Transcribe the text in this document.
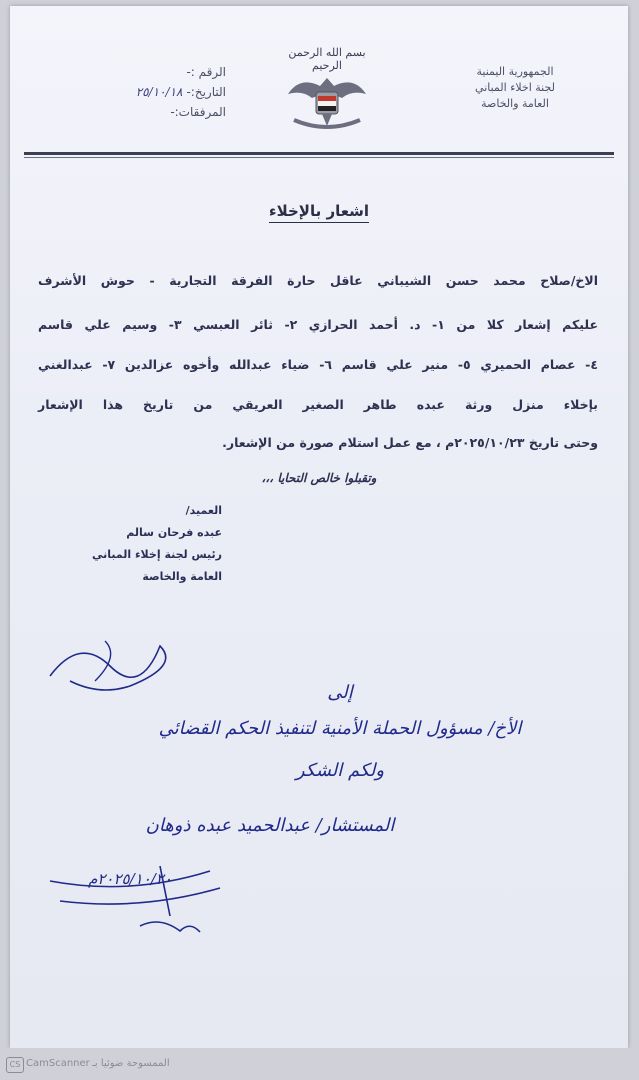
الجمهورية اليمنية
لجنة اخلاء المباني
العامة والخاصة
بسم الله الرحمن الرحيم
الرقم :-
التاريخ:-
٢٥/١٠/١٨
المرفقات:-
اشعار بالإخلاء
الاخ/صلاح محمد حسن الشيباني عاقل حارة الفرقة التجارية - حوش الأشرف
عليكم إشعار كلا من ١- د. أحمد الحرازي ٢- ثائر العبسي ٣- وسيم علي قاسم
٤- عصام الحميري ٥- منير علي قاسم ٦- ضياء عبدالله وأخوه عزالدين ٧- عبدالغني
بإخلاء منزل ورثة عبده طاهر الصغير العريقي من تاريخ هذا الإشعار
وحتى تاريخ ٢٠٢٥/١٠/٢٣م ، مع عمل استلام صورة من الإشعار.
وتقبلوا خالص التحايا ،،،
العميد/
عبده فرحان سالم
رئيس لجنة إخلاء المباني
العامة والخاصة
إلى
الأخ/ مسؤول الحملة الأمنية لتنفيذ الحكم القضائي
ولكم الشكر
المستشار/ عبدالحميد عبده ذوهان
٢٠٢٥/١٠/٢٠م
CS CamScanner الممسوحة ضوئيا بـ
